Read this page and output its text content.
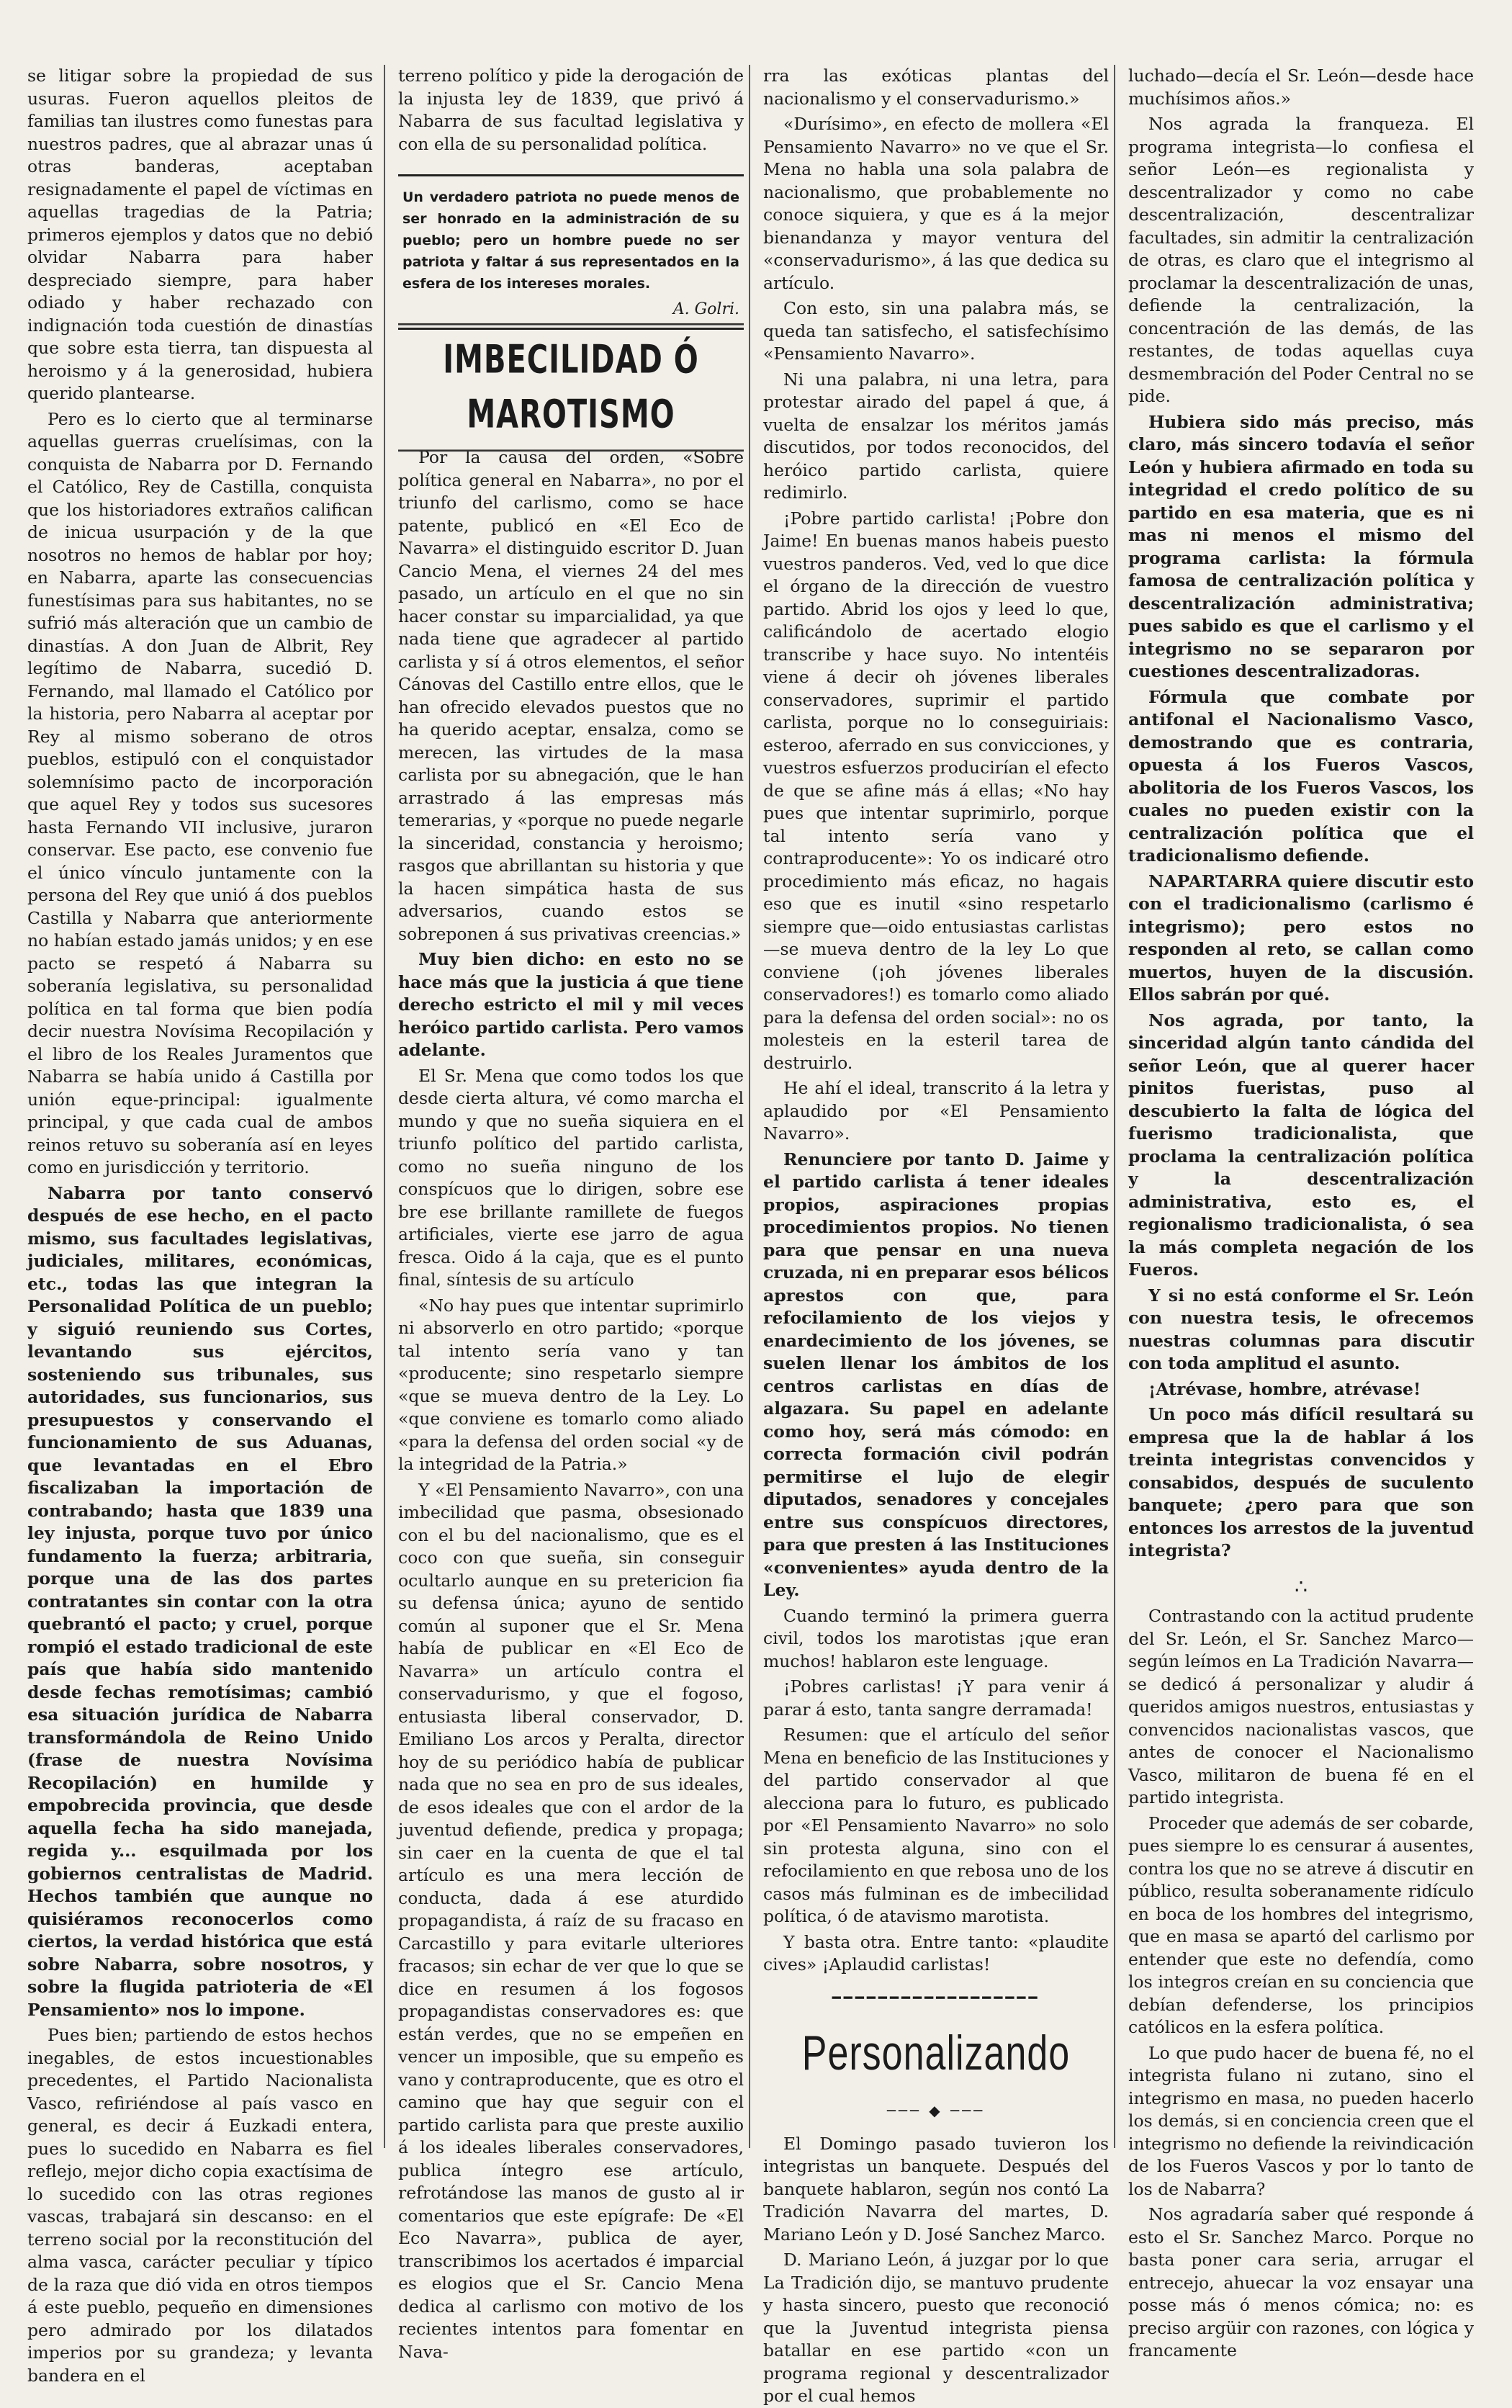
se litigar sobre la propiedad de sus usuras. Fueron aquellos pleitos de familias tan ilustres como funestas para nuestros padres, que al abrazar unas ú otras banderas, aceptaban resignadamente el papel de víctimas en aquellas tragedias de la Patria; primeros ejemplos y datos que no debió olvidar Nabarra para haber despreciado siempre, para haber odiado y haber rechazado con indignación toda cuestión de dinastías que sobre esta tierra, tan dispuesta al heroismo y á la generosidad, hubiera querido plantearse.

Pero es lo cierto que al terminarse aquellas guerras cruelísimas, con la conquista de Nabarra por D. Fernando el Católico, Rey de Castilla, conquista que los historiadores extraños califican de inicua usurpación y de la que nosotros no hemos de hablar por hoy; en Nabarra, aparte las consecuencias funestísimas para sus habitantes, no se sufrió más alteración que un cambio de dinastías. A don Juan de Albrit, Rey legítimo de Nabarra, sucedió D. Fernando, mal llamado el Católico por la historia, pero Nabarra al aceptar por Rey al mismo soberano de otros pueblos, estipuló con el conquistador solemnísimo pacto de incorporación que aquel Rey y todos sus sucesores hasta Fernando VII inclusive, juraron conservar. Ese pacto, ese convenio fue el único vínculo juntamente con la persona del Rey que unió á dos pueblos Castilla y Nabarra que anteriormente no habían estado jamás unidos; y en ese pacto se respetó á Nabarra su soberanía legislativa, su personalidad política en tal forma que bien podía decir nuestra Novísima Recopilación y el libro de los Reales Juramentos que Nabarra se había unido á Castilla por unión eque-principal: igualmente principal, y que cada cual de ambos reinos retuvo su soberanía así en leyes como en jurisdicción y territorio.

Nabarra por tanto conservó después de ese hecho, en el pacto mismo, sus facultades legislativas, judiciales, militares, económicas, etc., todas las que integran la Personalidad Política de un pueblo; y siguió reuniendo sus Cortes, levantando sus ejércitos, sosteniendo sus tribunales, sus autoridades, sus funcionarios, sus presupuestos y conservando el funcionamiento de sus Aduanas, que levantadas en el Ebro fiscalizaban la importación de contrabando; hasta que 1839 una ley injusta, porque tuvo por único fundamento la fuerza; arbitraria, porque una de las dos partes contratantes sin contar con la otra quebrantó el pacto; y cruel, porque rompió el estado tradicional de este país que había sido mantenido desde fechas remotísimas; cambió esa situación jurídica de Nabarra transformándola de Reino Unido (frase de nuestra Novísima Recopilación) en humilde y empobrecida provincia, que desde aquella fecha ha sido manejada, regida y... esquilmada por los gobiernos centralistas de Madrid. Hechos también que aunque no quisiéramos reconocerlos como ciertos, la verdad histórica que está sobre Nabarra, sobre nosotros, y sobre la flugida patrioteria de «El Pensamiento» nos lo impone.

Pues bien; partiendo de estos hechos inegables, de estos incuestionables precedentes, el Partido Nacionalista Vasco, refiriéndose al país vasco en general, es decir á Euzkadi entera, pues lo sucedido en Nabarra es fiel reflejo, mejor dicho copia exactísima de lo sucedido con las otras regiones vascas, trabajará sin descanso: en el terreno social por la reconstitución del alma vasca, carácter peculiar y típico de la raza que dió vida en otros tiempos á este pueblo, pequeño en dimensiones pero admirado por los dilatados imperios por su grandeza; y levanta bandera en el

terreno político y pide la derogación de la injusta ley de 1839, que privó á Nabarra de sus facultad legislativa y con ella de su personalidad política.

Un verdadero patriota no puede menos de ser honrado en la administración de su pueblo; pero un hombre puede no ser patriota y faltar á sus representados en la esfera de los intereses morales.
A. Golri.
IMBECILIDAD Ó MAROTISMO

Por la causa del orden, «Sobre política general en Nabarra», no por el triunfo del carlismo, como se hace patente, publicó en «El Eco de Navarra» el distinguido escritor D. Juan Cancio Mena, el viernes 24 del mes pasado, un artículo en el que no sin hacer constar su imparcialidad, ya que nada tiene que agradecer al partido carlista y sí á otros elementos, el señor Cánovas del Castillo entre ellos, que le han ofrecido elevados puestos que no ha querido aceptar, ensalza, como se merecen, las virtudes de la masa carlista por su abnegación, que le han arrastrado á las empresas más temerarias, y «porque no puede negarle la sinceridad, constancia y heroismo; rasgos que abrillantan su historia y que la hacen simpática hasta de sus adversarios, cuando estos se sobreponen á sus privativas creencias.»

Muy bien dicho: en esto no se hace más que la justicia á que tiene derecho estricto el mil y mil veces heróico partido carlista. Pero vamos adelante.

El Sr. Mena que como todos los que desde cierta altura, vé como marcha el mundo y que no sueña siquiera en el triunfo político del partido carlista, como no sueña ninguno de los conspícuos que lo dirigen, sobre ese bre ese brillante ramillete de fuegos artificiales, vierte ese jarro de agua fresca. Oido á la caja, que es el punto final, síntesis de su artículo

«No hay pues que intentar suprimirlo ni absorverlo en otro partido; «porque tal intento sería vano y tan «producente; sino respetarlo siempre «que se mueva dentro de la Ley. Lo «que conviene es tomarlo como aliado «para la defensa del orden social «y de la integridad de la Patria.»

Y «El Pensamiento Navarro», con una imbecilidad que pasma, obsesionado con el bu del nacionalismo, que es el coco con que sueña, sin conseguir ocultarlo aunque en su pretericion fia su defensa única; ayuno de sentido común al suponer que el Sr. Mena había de publicar en «El Eco de Navarra» un artículo contra el conservadurismo, y que el fogoso, entusiasta liberal conservador, D. Emiliano Los arcos y Peralta, director hoy de su periódico había de publicar nada que no sea en pro de sus ideales, de esos ideales que con el ardor de la juventud defiende, predica y propaga; sin caer en la cuenta de que el tal artículo es una mera lección de conducta, dada á ese aturdido propagandista, á raíz de su fracaso en Carcastillo y para evitarle ulteriores fracasos; sin echar de ver que lo que se dice en resumen á los fogosos propagandistas conservadores es: que están verdes, que no se empeñen en vencer un imposible, que su empeño es vano y contraproducente, que es otro el camino que hay que seguir con el partido carlista para que preste auxilio á los ideales liberales conservadores, publica íntegro ese artículo, refrotándose las manos de gusto al ir comentarios que este epígrafe: De «El Eco Navarra», publica de ayer, transcribimos los acertados é imparcial es elogios que el Sr. Cancio Mena dedica al carlismo con motivo de los recientes intentos para fomentar en Nava-

rra las exóticas plantas del nacionalismo y el conservadurismo.»

«Durísimo», en efecto de mollera «El Pensamiento Navarro» no ve que el Sr. Mena no habla una sola palabra de nacionalismo, que probablemente no conoce siquiera, y que es á la mejor bienandanza y mayor ventura del «conservadurismo», á las que dedica su artículo.

Con esto, sin una palabra más, se queda tan satisfecho, el satisfechísimo «Pensamiento Navarro».

Ni una palabra, ni una letra, para protestar airado del papel á que, á vuelta de ensalzar los méritos jamás discutidos, por todos reconocidos, del heróico partido carlista, quiere redimirlo.

¡Pobre partido carlista! ¡Pobre don Jaime! En buenas manos habeis puesto vuestros panderos. Ved, ved lo que dice el órgano de la dirección de vuestro partido. Abrid los ojos y leed lo que, calificándolo de acertado elogio transcribe y hace suyo. No intentéis viene á decir oh jóvenes liberales conservadores, suprimir el partido carlista, porque no lo conseguiriais: esteroo, aferrado en sus convicciones, y vuestros esfuerzos producirían el efecto de que se afine más á ellas; «No hay pues que intentar suprimirlo, porque tal intento sería vano y contraproducente»: Yo os indicaré otro procedimiento más eficaz, no hagais eso que es inutil «sino respetarlo siempre que—oido entusiastas carlistas—se mueva dentro de la ley Lo que conviene (¡oh jóvenes liberales conservadores!) es tomarlo como aliado para la defensa del orden social»: no os molesteis en la esteril tarea de destruirlo.

He ahí el ideal, transcrito á la letra y aplaudido por «El Pensamiento Navarro».

Renunciere por tanto D. Jaime y el partido carlista á tener ideales propios, aspiraciones propias procedimientos propios. No tienen para que pensar en una nueva cruzada, ni en preparar esos bélicos aprestos con que, para refocilamiento de los viejos y enardecimiento de los jóvenes, se suelen llenar los ámbitos de los centros carlistas en días de algazara. Su papel en adelante como hoy, será más cómodo: en correcta formación civil podrán permitirse el lujo de elegir diputados, senadores y concejales entre sus conspícuos directores, para que presten á las Instituciones «convenientes» ayuda dentro de la Ley.

Cuando terminó la primera guerra civil, todos los marotistas ¡que eran muchos! hablaron este lenguage.

¡Pobres carlistas! ¡Y para venir á parar á esto, tanta sangre derramada!

Resumen: que el artículo del señor Mena en beneficio de las Instituciones y del partido conservador al que alecciona para lo futuro, es publicado por «El Pensamiento Navarro» no solo sin protesta alguna, sino con el refocilamiento en que rebosa uno de los casos más fulminan es de imbecilidad política, ó de atavismo marotista.

Y basta otra. Entre tanto: «plaudite cives» ¡Aplaudid carlistas!

━━━━━━━━━━━━━━━━━━
Personalizando
─── ◆ ───

El Domingo pasado tuvieron los integristas un banquete. Después del banquete hablaron, según nos contó La Tradición Navarra del martes, D. Mariano León y D. José Sanchez Marco.

D. Mariano León, á juzgar por lo que La Tradición dijo, se mantuvo prudente y hasta sincero, puesto que reconoció que la Juventud integrista piensa batallar en ese partido «con un programa regional y descentralizador por el cual hemos

luchado—decía el Sr. León—desde hace muchísimos años.»

Nos agrada la franqueza. El programa integrista—lo confiesa el señor León—es regionalista y descentralizador y como no cabe descentralización, descentralizar facultades, sin admitir la centralización de otras, es claro que el integrismo al proclamar la descentralización de unas, defiende la centralización, la concentración de las demás, de las restantes, de todas aquellas cuya desmembración del Poder Central no se pide.

Hubiera sido más preciso, más claro, más sincero todavía el señor León y hubiera afirmado en toda su integridad el credo político de su partido en esa materia, que es ni mas ni menos el mismo del programa carlista: la fórmula famosa de centralización política y descentralización administrativa; pues sabido es que el carlismo y el integrismo no se separaron por cuestiones descentralizadoras.

Fórmula que combate por antifonal el Nacionalismo Vasco, demostrando que es contraria, opuesta á los Fueros Vascos, abolitoria de los Fueros Vascos, los cuales no pueden existir con la centralización política que el tradicionalismo defiende.

NAPARTARRA quiere discutir esto con el tradicionalismo (carlismo é integrismo); pero estos no responden al reto, se callan como muertos, huyen de la discusión. Ellos sabrán por qué.

Nos agrada, por tanto, la sinceridad algún tanto cándida del señor León, que al querer hacer pinitos fueristas, puso al descubierto la falta de lógica del fuerismo tradicionalista, que proclama la centralización política y la descentralización administrativa, esto es, el regionalismo tradicionalista, ó sea la más completa negación de los Fueros.

Y si no está conforme el Sr. León con nuestra tesis, le ofrecemos nuestras columnas para discutir con toda amplitud el asunto.

¡Atrévase, hombre, atrévase!

Un poco más difícil resultará su empresa que la de hablar á los treinta integristas convencidos y consabidos, después de suculento banquete; ¿pero para que son entonces los arrestos de la juventud integrista?

∴

Contrastando con la actitud prudente del Sr. León, el Sr. Sanchez Marco—según leímos en La Tradición Navarra—se dedicó á personalizar y aludir á queridos amigos nuestros, entusiastas y convencidos nacionalistas vascos, que antes de conocer el Nacionalismo Vasco, militaron de buena fé en el partido integrista.

Proceder que además de ser cobarde, pues siempre lo es censurar á ausentes, contra los que no se atreve á discutir en público, resulta soberanamente ridículo en boca de los hombres del integrismo, que en masa se apartó del carlismo por entender que este no defendía, como los integros creían en su conciencia que debían defenderse, los principios católicos en la esfera política.

Lo que pudo hacer de buena fé, no el integrista fulano ni zutano, sino el integrismo en masa, no pueden hacerlo los demás, si en conciencia creen que el integrismo no defiende la reivindicación de los Fueros Vascos y por lo tanto de los de Nabarra?

Nos agradaría saber qué responde á esto el Sr. Sanchez Marco. Porque no basta poner cara seria, arrugar el entrecejo, ahuecar la voz ensayar una posse más ó menos cómica; no: es preciso argüir con razones, con lógica y francamente
